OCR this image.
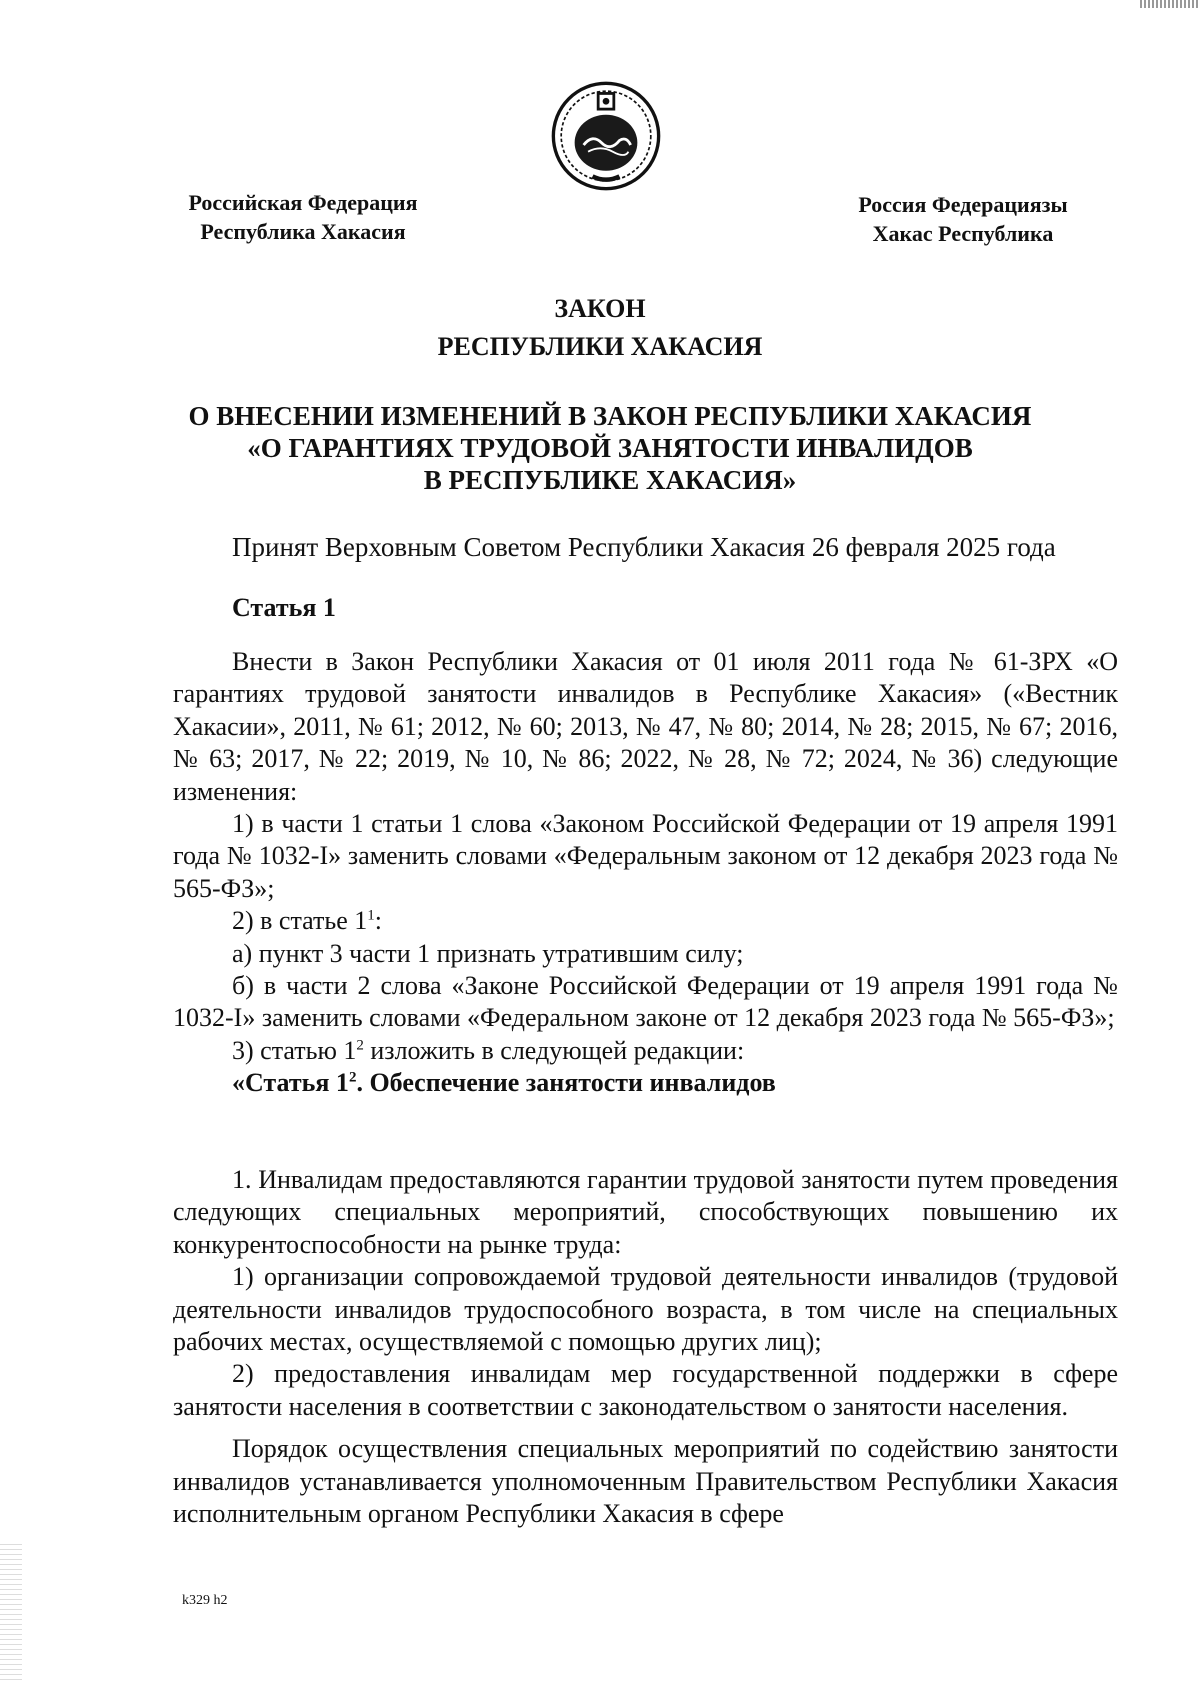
Российская Федерация
Республика Хакасия
Россия Федерациязы
Хакас Республика
ЗАКОН
РЕСПУБЛИКИ ХАКАСИЯ
О ВНЕСЕНИИ ИЗМЕНЕНИЙ В ЗАКОН РЕСПУБЛИКИ ХАКАСИЯ
«О ГАРАНТИЯХ ТРУДОВОЙ ЗАНЯТОСТИ ИНВАЛИДОВ
В РЕСПУБЛИКЕ ХАКАСИЯ»
Принят Верховным Советом Республики Хакасия 26 февраля 2025 года
Статья 1

Внести в Закон Республики Хакасия от 01 июля 2011 года № 61-ЗРХ «О гарантиях трудовой занятости инвалидов в Республике Хакасия» («Вестник Хакасии», 2011, № 61; 2012, № 60; 2013, № 47, № 80; 2014, № 28; 2015, № 67; 2016, № 63; 2017, № 22; 2019, № 10, № 86; 2022, № 28, № 72; 2024, № 36) следующие изменения:

1) в части 1 статьи 1 слова «Законом Российской Федерации от 19 апреля 1991 года № 1032-I» заменить словами «Федеральным законом от 12 декабря 2023 года № 565-ФЗ»;

2) в статье $1^1$:

а) пункт 3 части 1 признать утратившим силу;

б) в части 2 слова «Законе Российской Федерации от 19 апреля 1991 года № 1032-I» заменить словами «Федеральном законе от 12 декабря 2023 года № 565-ФЗ»;

3) статью $1^2$ изложить в следующей редакции:

«Статья $1^2$. Обеспечение занятости инвалидов

1. Инвалидам предоставляются гарантии трудовой занятости путем проведения следующих специальных мероприятий, способствующих повышению их конкурентоспособности на рынке труда:

1) организации сопровождаемой трудовой деятельности инвалидов (трудовой деятельности инвалидов трудоспособного возраста, в том числе на специальных рабочих местах, осуществляемой с помощью других лиц);

2) предоставления инвалидам мер государственной поддержки в сфере занятости населения в соответствии с законодательством о занятости населения.

Порядок осуществления специальных мероприятий по содействию занятости инвалидов устанавливается уполномоченным Правительством Республики Хакасия исполнительным органом Республики Хакасия в сфере

k329 h2
